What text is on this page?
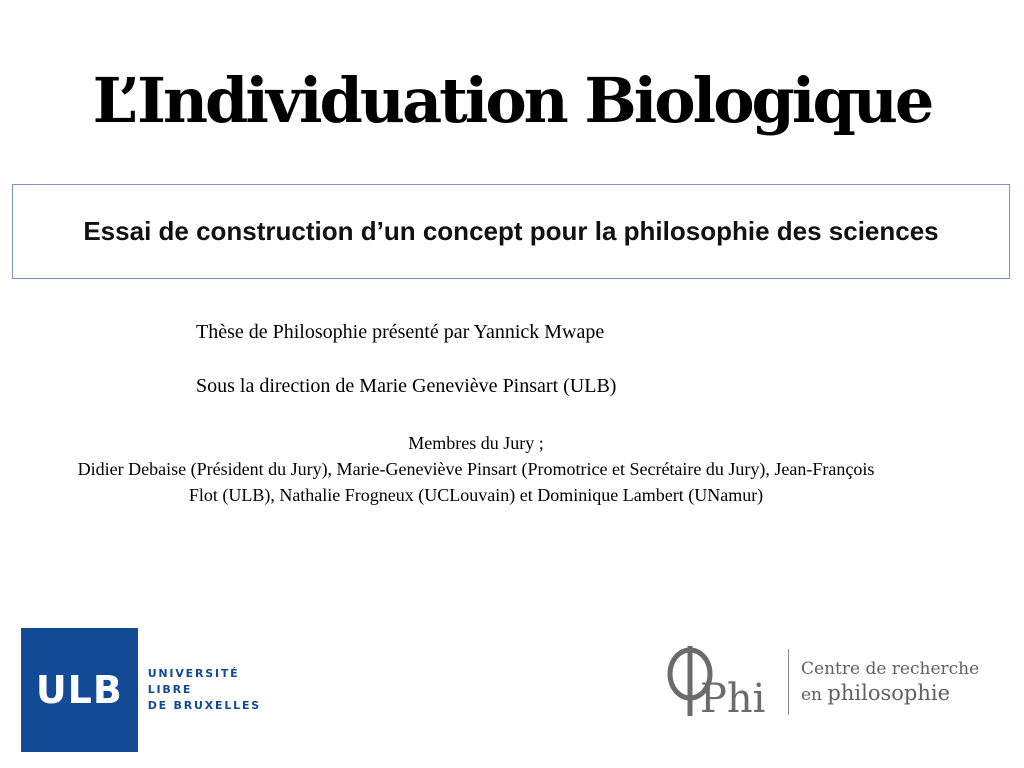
L’Individuation Biologique
Essai de construction d’un concept pour la philosophie des sciences
Thèse de Philosophie présenté par Yannick Mwape
Sous la direction de Marie Geneviève Pinsart (ULB)
Membres du Jury ;
Didier Debaise (Président du Jury), Marie-Geneviève Pinsart (Promotrice et Secrétaire du Jury), Jean-François Flot (ULB), Nathalie Frogneux (UCLouvain) et Dominique Lambert (UNamur)
ULB	UNIVERSITÉ
LIBRE
DE BRUXELLES	Phi
Centre de recherche
en philosophie
